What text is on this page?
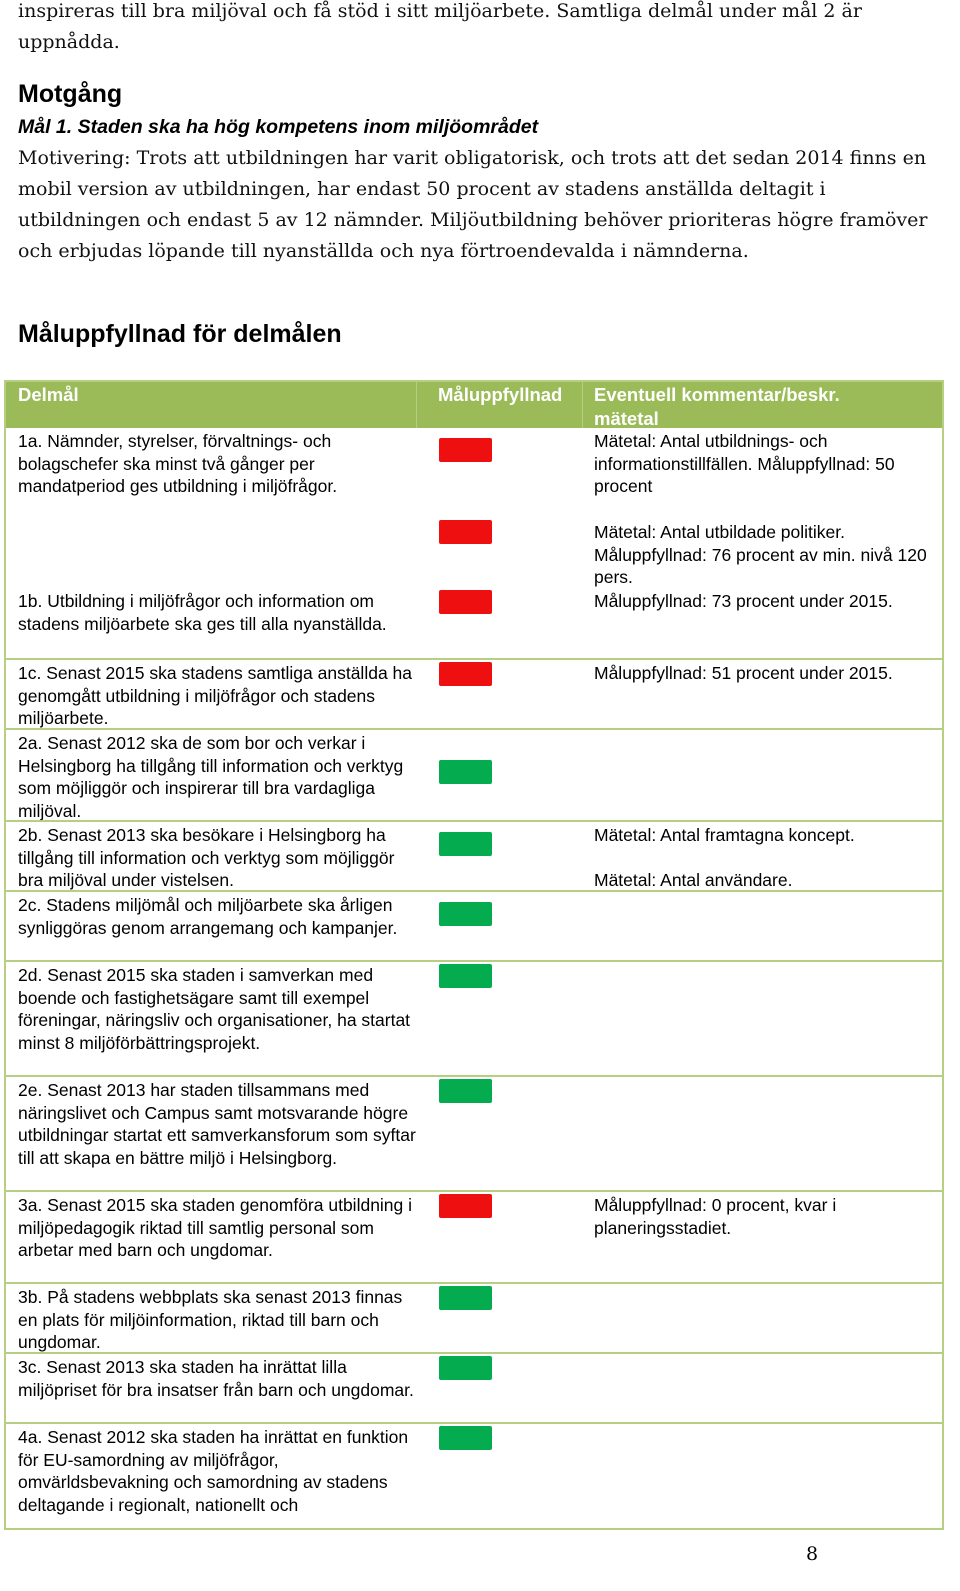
inspireras till bra miljöval och få stöd i sitt miljöarbete. Samtliga delmål under mål 2 är uppnådda.
Motgång
Mål 1. Staden ska ha hög kompetens inom miljöområdet
Motivering: Trots att utbildningen har varit obligatorisk, och trots att det sedan 2014 finns en mobil version av utbildningen, har endast 50 procent av stadens anställda deltagit i utbildningen och endast 5 av 12 nämnder. Miljöutbildning behöver prioriteras högre framöver och erbjudas löpande till nyanställda och nya förtroendevalda i nämnderna.
Måluppfyllnad för delmålen
Delmål	Måluppfyllnad Eventuell kommentar/beskr. mätetal
1a. Nämnder, styrelser, förvaltnings- och bolagschefer ska minst två gånger per mandatperiod ges utbildning i miljöfrågor.
Mätetal: Antal utbildnings- och informationstillfällen. Måluppfyllnad: 50 procent
Mätetal: Antal utbildade politiker. Måluppfyllnad: 76 procent av min. nivå 120 pers.
1b. Utbildning i miljöfrågor och information om stadens miljöarbete ska ges till alla nyanställda.
Måluppfyllnad: 73 procent under 2015.
1c. Senast 2015 ska stadens samtliga anställda ha genomgått utbildning i miljöfrågor och stadens miljöarbete.
Måluppfyllnad: 51 procent under 2015.
2a. Senast 2012 ska de som bor och verkar i Helsingborg ha tillgång till information och verktyg som möjliggör och inspirerar till bra vardagliga miljöval.
2b. Senast 2013 ska besökare i Helsingborg ha tillgång till information och verktyg som möjliggör bra miljöval under vistelsen.
Mätetal: Antal framtagna koncept.
Mätetal: Antal användare.
2c. Stadens miljömål och miljöarbete ska årligen synliggöras genom arrangemang och kampanjer.
2d. Senast 2015 ska staden i samverkan med boende och fastighetsägare samt till exempel föreningar, näringsliv och organisationer, ha startat minst 8 miljöförbättringsprojekt.
2e. Senast 2013 har staden tillsammans med näringslivet och Campus samt motsvarande högre utbildningar startat ett samverkansforum som syftar till att skapa en bättre miljö i Helsingborg.
3a. Senast 2015 ska staden genomföra utbildning i miljöpedagogik riktad till samtlig personal som arbetar med barn och ungdomar.
Måluppfyllnad: 0 procent, kvar i planeringsstadiet.
3b. På stadens webbplats ska senast 2013 finnas en plats för miljöinformation, riktad till barn och ungdomar.
3c. Senast 2013 ska staden ha inrättat lilla miljöpriset för bra insatser från barn och ungdomar.
4a. Senast 2012 ska staden ha inrättat en funktion för EU-samordning av miljöfrågor, omvärldsbevakning och samordning av stadens deltagande i regionalt, nationellt och
8
